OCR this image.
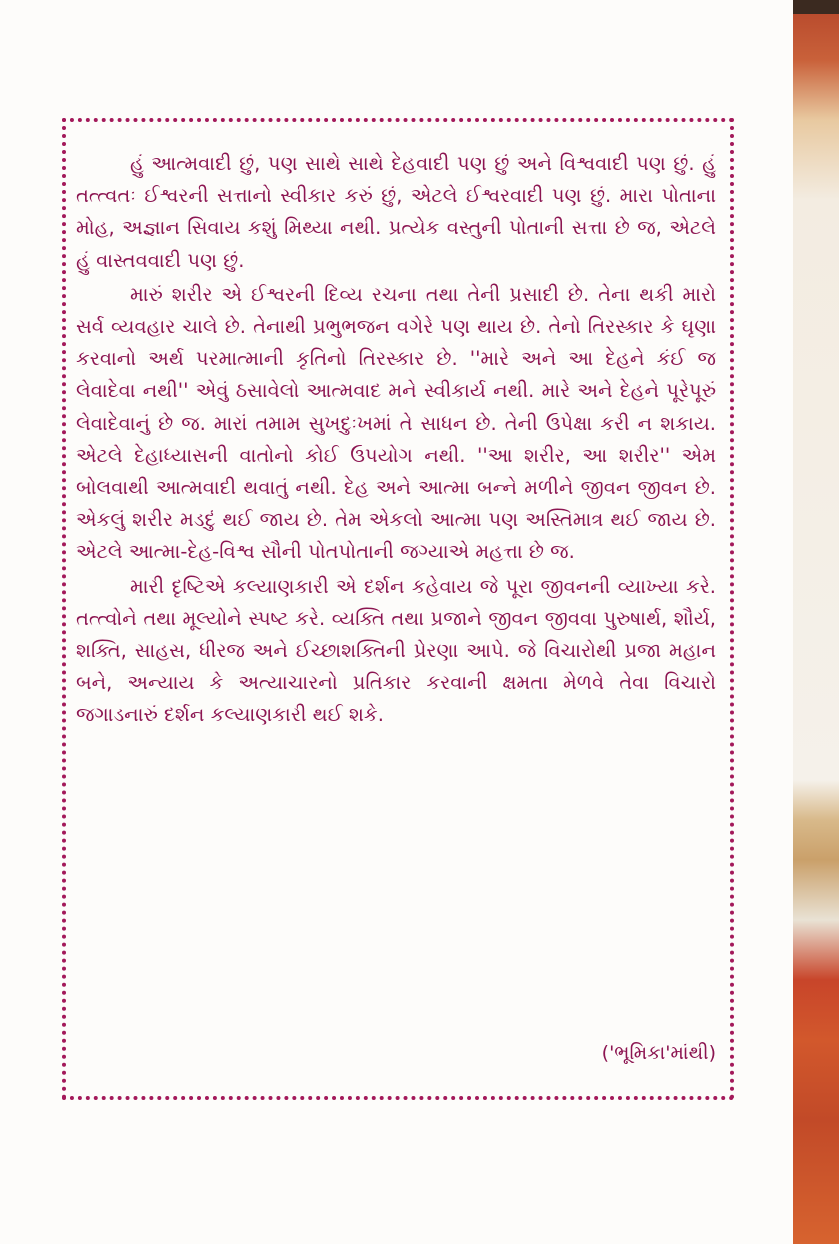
હું આત્મવાદી છું, પણ સાથે સાથે દેહવાદી પણ છું અને વિશ્વવાદી પણ છું. હું તત્ત્વતઃ ઈશ્વરની સત્તાનો સ્વીકાર કરું છું, એટલે ઈશ્વરવાદી પણ છું. મારા પોતાના મોહ, અજ્ઞાન સિવાય કશું મિથ્યા નથી. પ્રત્યેક વસ્તુની પોતાની સત્તા છે જ, એટલે હું વાસ્તવવાદી પણ છું.

મારું શરીર એ ઈશ્વરની દિવ્ય રચના તથા તેની પ્રસાદી છે. તેના થકી મારો સર્વ વ્યવહાર ચાલે છે. તેનાથી પ્રભુભજન વગેરે પણ થાય છે. તેનો તિરસ્કાર કે ઘૃણા કરવાનો અર્થ પરમાત્માની કૃતિનો તિરસ્કાર છે. ''મારે અને આ દેહને કંઈ જ લેવાદેવા નથી'' એવું ઠસાવેલો આત્મવાદ મને સ્વીકાર્ય નથી. મારે અને દેહને પૂરેપૂરું લેવાદેવાનું છે જ. મારાં તમામ સુખદુઃખમાં તે સાધન છે. તેની ઉપેક્ષા કરી ન શકાય. એટલે દેહાધ્યાસની વાતોનો કોઈ ઉપયોગ નથી. ''આ શરીર, આ શરીર'' એમ બોલવાથી આત્મવાદી થવાતું નથી. દેહ અને આત્મા બન્ને મળીને જીવન જીવન છે. એકલું શરીર મડદું થઈ જાય છે. તેમ એકલો આત્મા પણ અસ્તિમાત્ર થઈ જાય છે. એટલે આત્મા-દેહ-વિશ્વ સૌની પોતપોતાની જગ્યાએ મહત્તા છે જ.

મારી દૃષ્ટિએ કલ્યાણકારી એ દર્શન કહેવાય જે પૂરા જીવનની વ્યાખ્યા કરે. તત્ત્વોને તથા મૂલ્યોને સ્પષ્ટ કરે. વ્યક્તિ તથા પ્રજાને જીવન જીવવા પુરુષાર્થ, શૌર્ય, શક્તિ, સાહસ, ધીરજ અને ઈચ્છાશક્તિની પ્રેરણા આપે. જે વિચારોથી પ્રજા મહાન બને, અન્યાય કે અત્યાચારનો પ્રતિકાર કરવાની ક્ષમતા મેળવે તેવા વિચારો જગાડનારું દર્શન કલ્યાણકારી થઈ શકે.

('ભૂમિકા'માંથી)
